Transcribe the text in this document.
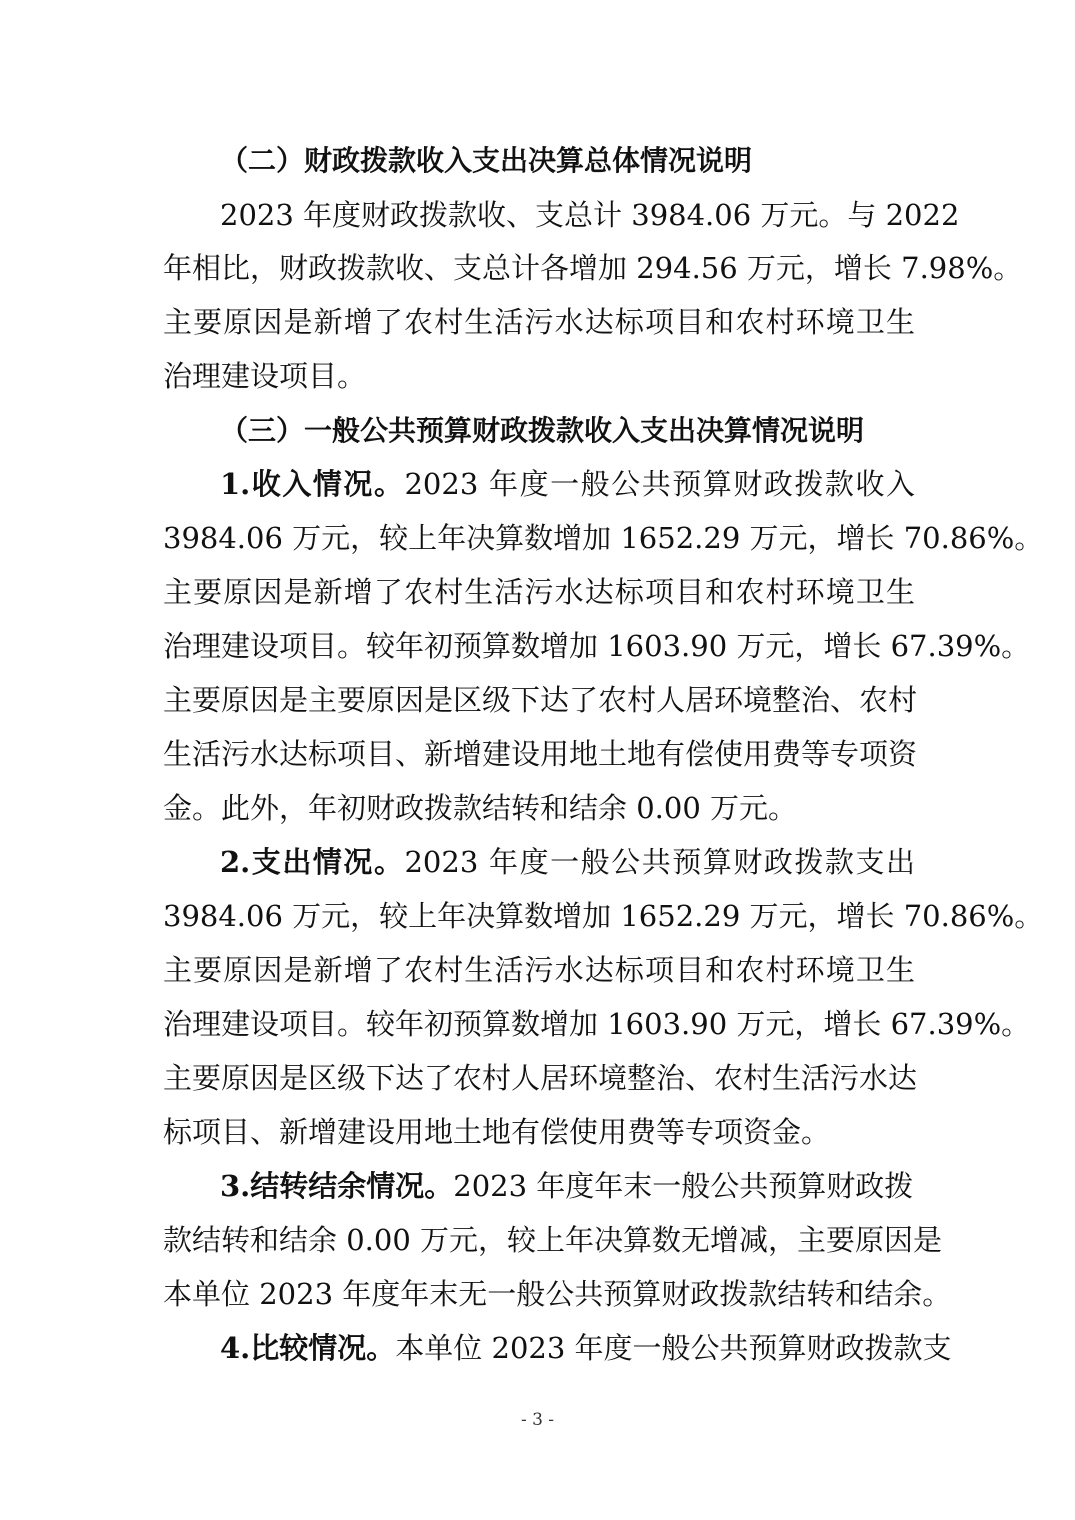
（二）财政拨款收入支出决算总体情况说明
2023 年度财政拨款收、支总计 3984.06 万元。与 2022
年相比，财政拨款收、支总计各增加 294.56 万元，增长 7.98%。
主要原因是新增了农村生活污水达标项目和农村环境卫生
治理建设项目。
（三）一般公共预算财政拨款收入支出决算情况说明
1.收入情况。2023 年度一般公共预算财政拨款收入
3984.06 万元，较上年决算数增加 1652.29 万元，增长 70.86%。
主要原因是新增了农村生活污水达标项目和农村环境卫生
治理建设项目。较年初预算数增加 1603.90 万元，增长 67.39%。
主要原因是主要原因是区级下达了农村人居环境整治、农村
生活污水达标项目、新增建设用地土地有偿使用费等专项资
金。此外，年初财政拨款结转和结余 0.00 万元。
2.支出情况。2023 年度一般公共预算财政拨款支出
3984.06 万元，较上年决算数增加 1652.29 万元，增长 70.86%。
主要原因是新增了农村生活污水达标项目和农村环境卫生
治理建设项目。较年初预算数增加 1603.90 万元，增长 67.39%。
主要原因是区级下达了农村人居环境整治、农村生活污水达
标项目、新增建设用地土地有偿使用费等专项资金。
3.结转结余情况。2023 年度年末一般公共预算财政拨
款结转和结余 0.00 万元，较上年决算数无增减，主要原因是
本单位 2023 年度年末无一般公共预算财政拨款结转和结余。
4.比较情况。本单位 2023 年度一般公共预算财政拨款支
- 3 -
